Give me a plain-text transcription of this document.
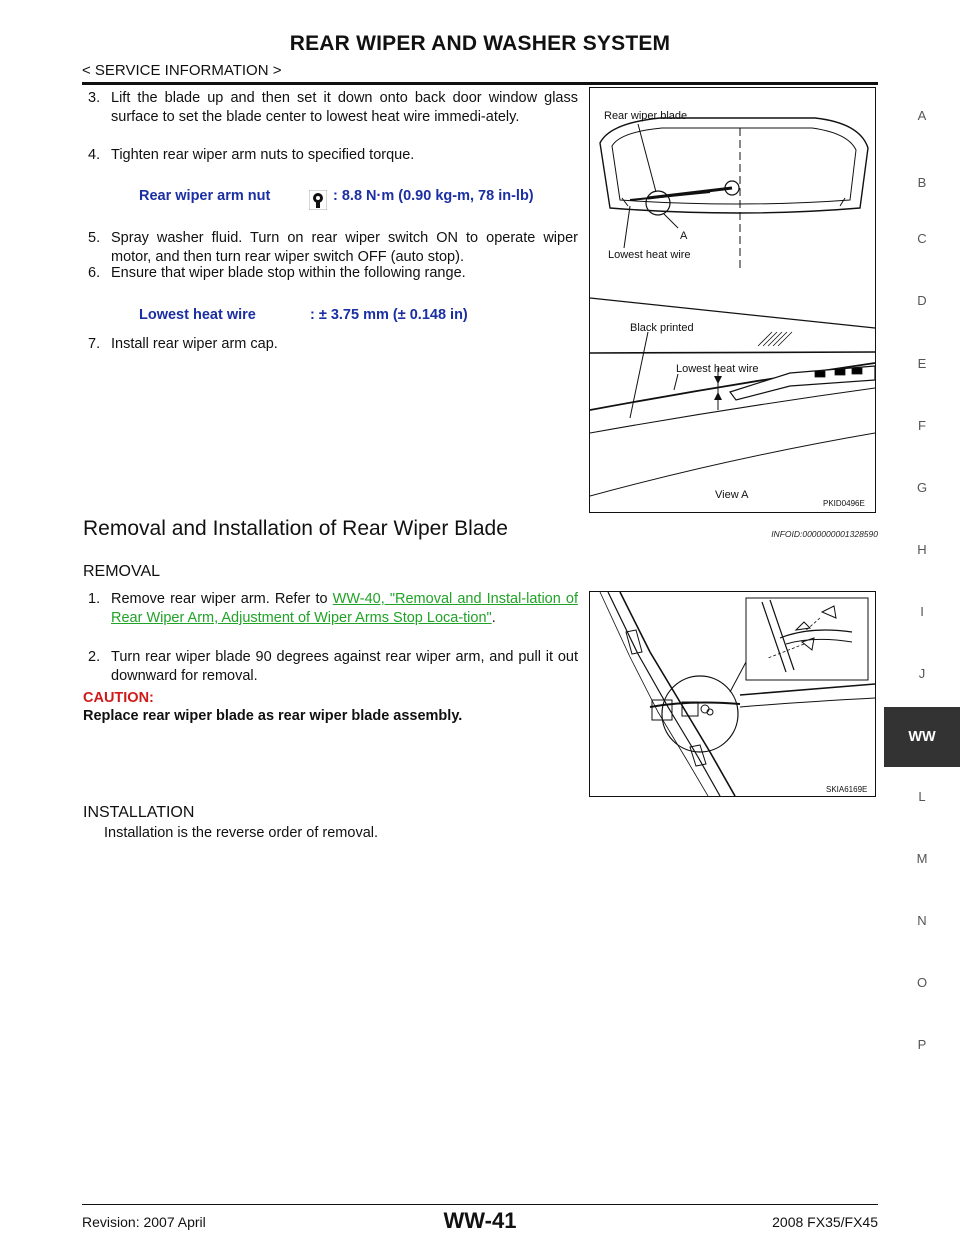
REAR WIPER AND WASHER SYSTEM
< SERVICE INFORMATION >
3. Lift the blade up and then set it down onto back door window glass surface to set the blade center to lowest heat wire immedi-ately.
4. Tighten rear wiper arm nuts to specified torque.
Rear wiper arm nut	: 8.8 N·m (0.90 kg-m, 78 in-lb)
5. Spray washer fluid. Turn on rear wiper switch ON to operate wiper motor, and then turn rear wiper switch OFF (auto stop).
6. Ensure that wiper blade stop within the following range.
Lowest heat wire	: ± 3.75 mm (± 0.148 in)
7. Install rear wiper arm cap.
Rear wiper blade
A
Lowest heat wire
Black printed
Lowest heat wire
View A
PKID0496E
Removal and Installation of Rear Wiper Blade	INFOID:0000000001328590
REMOVAL
1. Remove rear wiper arm. Refer to WW-40, "Removal and Instal-lation of Rear Wiper Arm, Adjustment of Wiper Arms Stop Loca-tion".
2. Turn rear wiper blade 90 degrees against rear wiper arm, and pull it out downward for removal.
CAUTION:
Replace rear wiper blade as rear wiper blade assembly.
SKIA6169E
INSTALLATION
Installation is the reverse order of removal.
A
B
C
D
E
F
G
H
I
J
WW
L
M
N
O
P
Revision: 2007 April	WW-41	2008 FX35/FX45
